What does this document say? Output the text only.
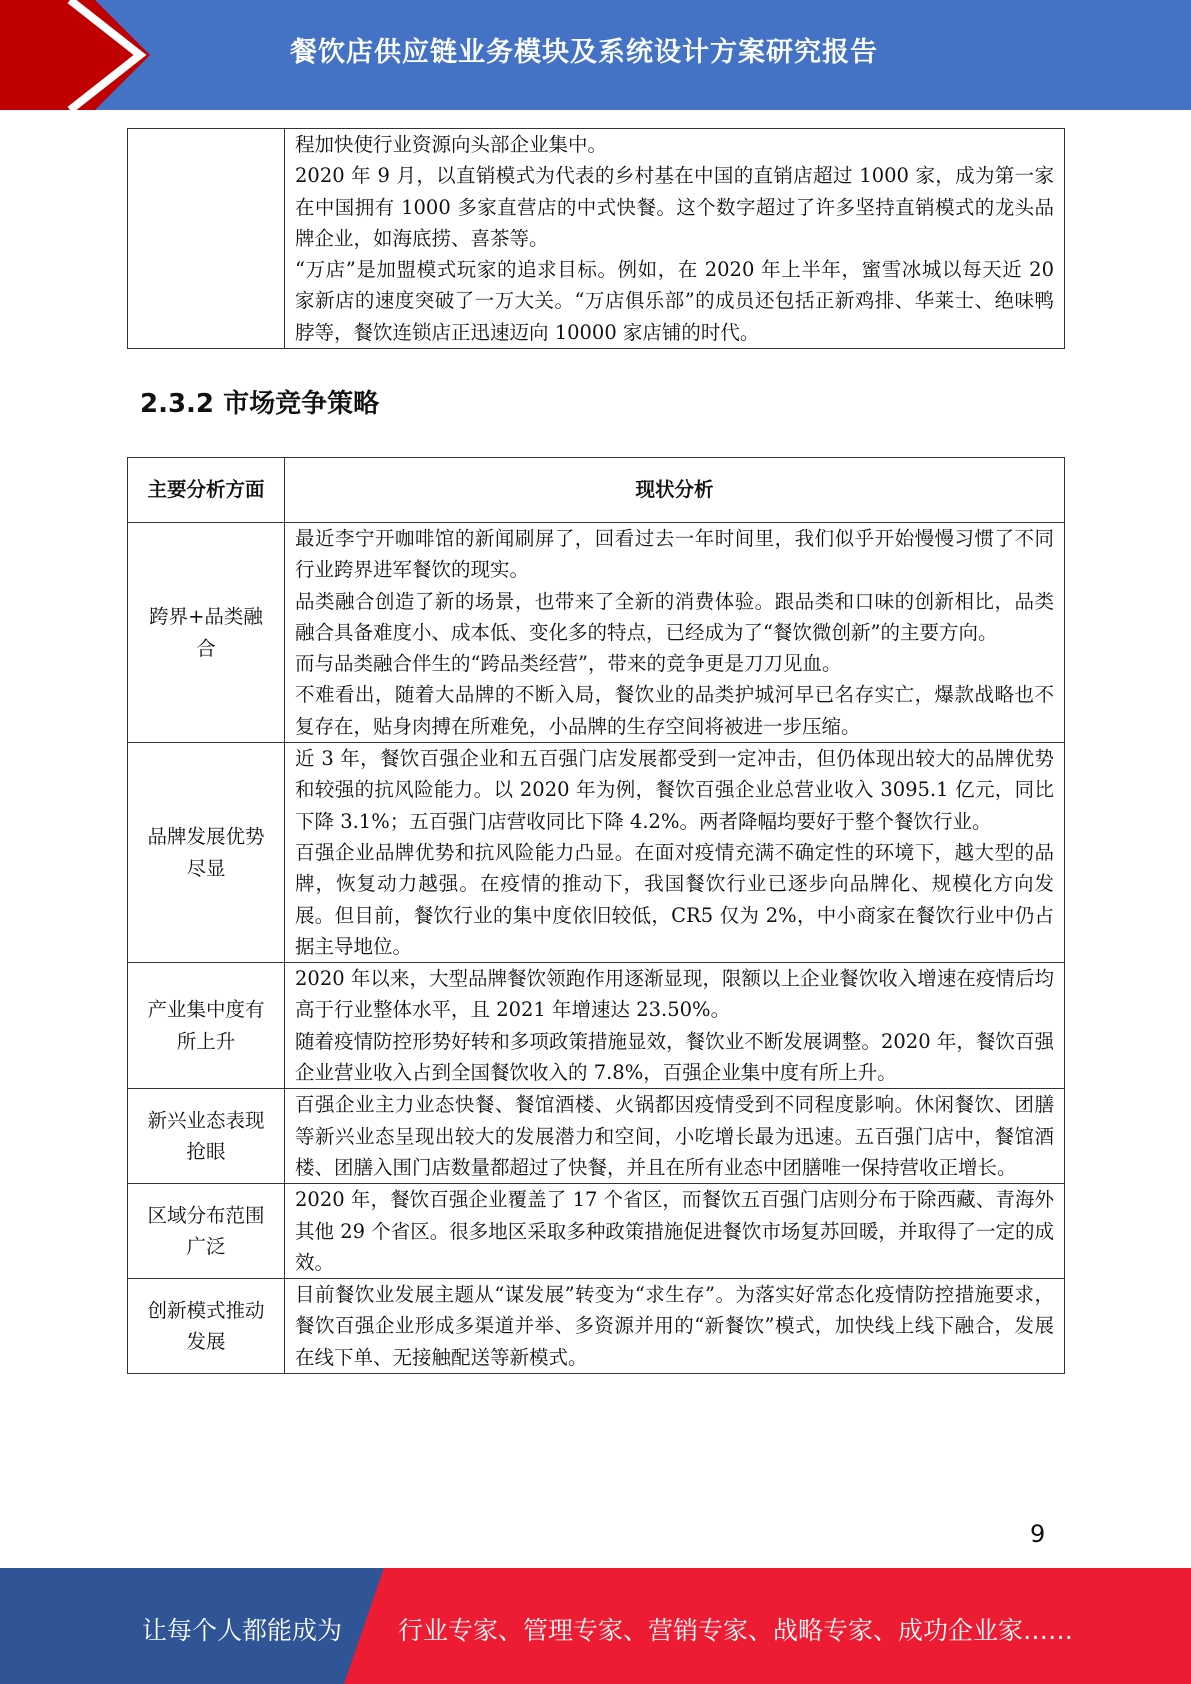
餐饮店供应链业务模块及系统设计方案研究报告

程加快使行业资源向头部企业集中。

2020 年 9 月，以直销模式为代表的乡村基在中国的直销店超过 1000 家，成为第一家在中国拥有 1000 多家直营店的中式快餐。这个数字超过了许多坚持直销模式的龙头品牌企业，如海底捞、喜茶等。

“万店”是加盟模式玩家的追求目标。例如，在 2020 年上半年，蜜雪冰城以每天近 20 家新店的速度突破了一万大关。“万店俱乐部”的成员还包括正新鸡排、华莱士、绝味鸭脖等，餐饮连锁店正迅速迈向 10000 家店铺的时代。

2.3.2 市场竞争策略
主要分析方面	现状分析
跨界+品类融合	最近李宁开咖啡馆的新闻刷屏了，回看过去一年时间里，我们似乎开始慢慢习惯了不同行业跨界进军餐饮的现实。

品类融合创造了新的场景，也带来了全新的消费体验。跟品类和口味的创新相比，品类融合具备难度小、成本低、变化多的特点，已经成为了“餐饮微创新”的主要方向。

而与品类融合伴生的“跨品类经营”，带来的竞争更是刀刀见血。

不难看出，随着大品牌的不断入局，餐饮业的品类护城河早已名存实亡，爆款战略也不复存在，贴身肉搏在所难免，小品牌的生存空间将被进一步压缩。

品牌发展优势尽显	近 3 年，餐饮百强企业和五百强门店发展都受到一定冲击，但仍体现出较大的品牌优势和较强的抗风险能力。以 2020 年为例，餐饮百强企业总营业收入 3095.1 亿元，同比下降 3.1%；五百强门店营收同比下降 4.2%。两者降幅均要好于整个餐饮行业。

百强企业品牌优势和抗风险能力凸显。在面对疫情充满不确定性的环境下，越大型的品牌，恢复动力越强。在疫情的推动下，我国餐饮行业已逐步向品牌化、规模化方向发展。但目前，餐饮行业的集中度依旧较低，CR5 仅为 2%，中小商家在餐饮行业中仍占据主导地位。

产业集中度有所上升	2020 年以来，大型品牌餐饮领跑作用逐渐显现，限额以上企业餐饮收入增速在疫情后均高于行业整体水平，且 2021 年增速达 23.50%。

随着疫情防控形势好转和多项政策措施显效，餐饮业不断发展调整。2020 年，餐饮百强企业营业收入占到全国餐饮收入的 7.8%，百强企业集中度有所上升。

新兴业态表现抢眼	百强企业主力业态快餐、餐馆酒楼、火锅都因疫情受到不同程度影响。休闲餐饮、团膳等新兴业态呈现出较大的发展潜力和空间，小吃增长最为迅速。五百强门店中，餐馆酒楼、团膳入围门店数量都超过了快餐，并且在所有业态中团膳唯一保持营收正增长。

区域分布范围广泛	2020 年，餐饮百强企业覆盖了 17 个省区，而餐饮五百强门店则分布于除西藏、青海外其他 29 个省区。很多地区采取多种政策措施促进餐饮市场复苏回暖，并取得了一定的成效。

创新模式推动发展	目前餐饮业发展主题从“谋发展”转变为“求生存”。为落实好常态化疫情防控措施要求，餐饮百强企业形成多渠道并举、多资源并用的“新餐饮”模式，加快线上线下融合，发展在线下单、无接触配送等新模式。

9
让每个人都能成为 行业专家、管理专家、营销专家、战略专家、成功企业家……
